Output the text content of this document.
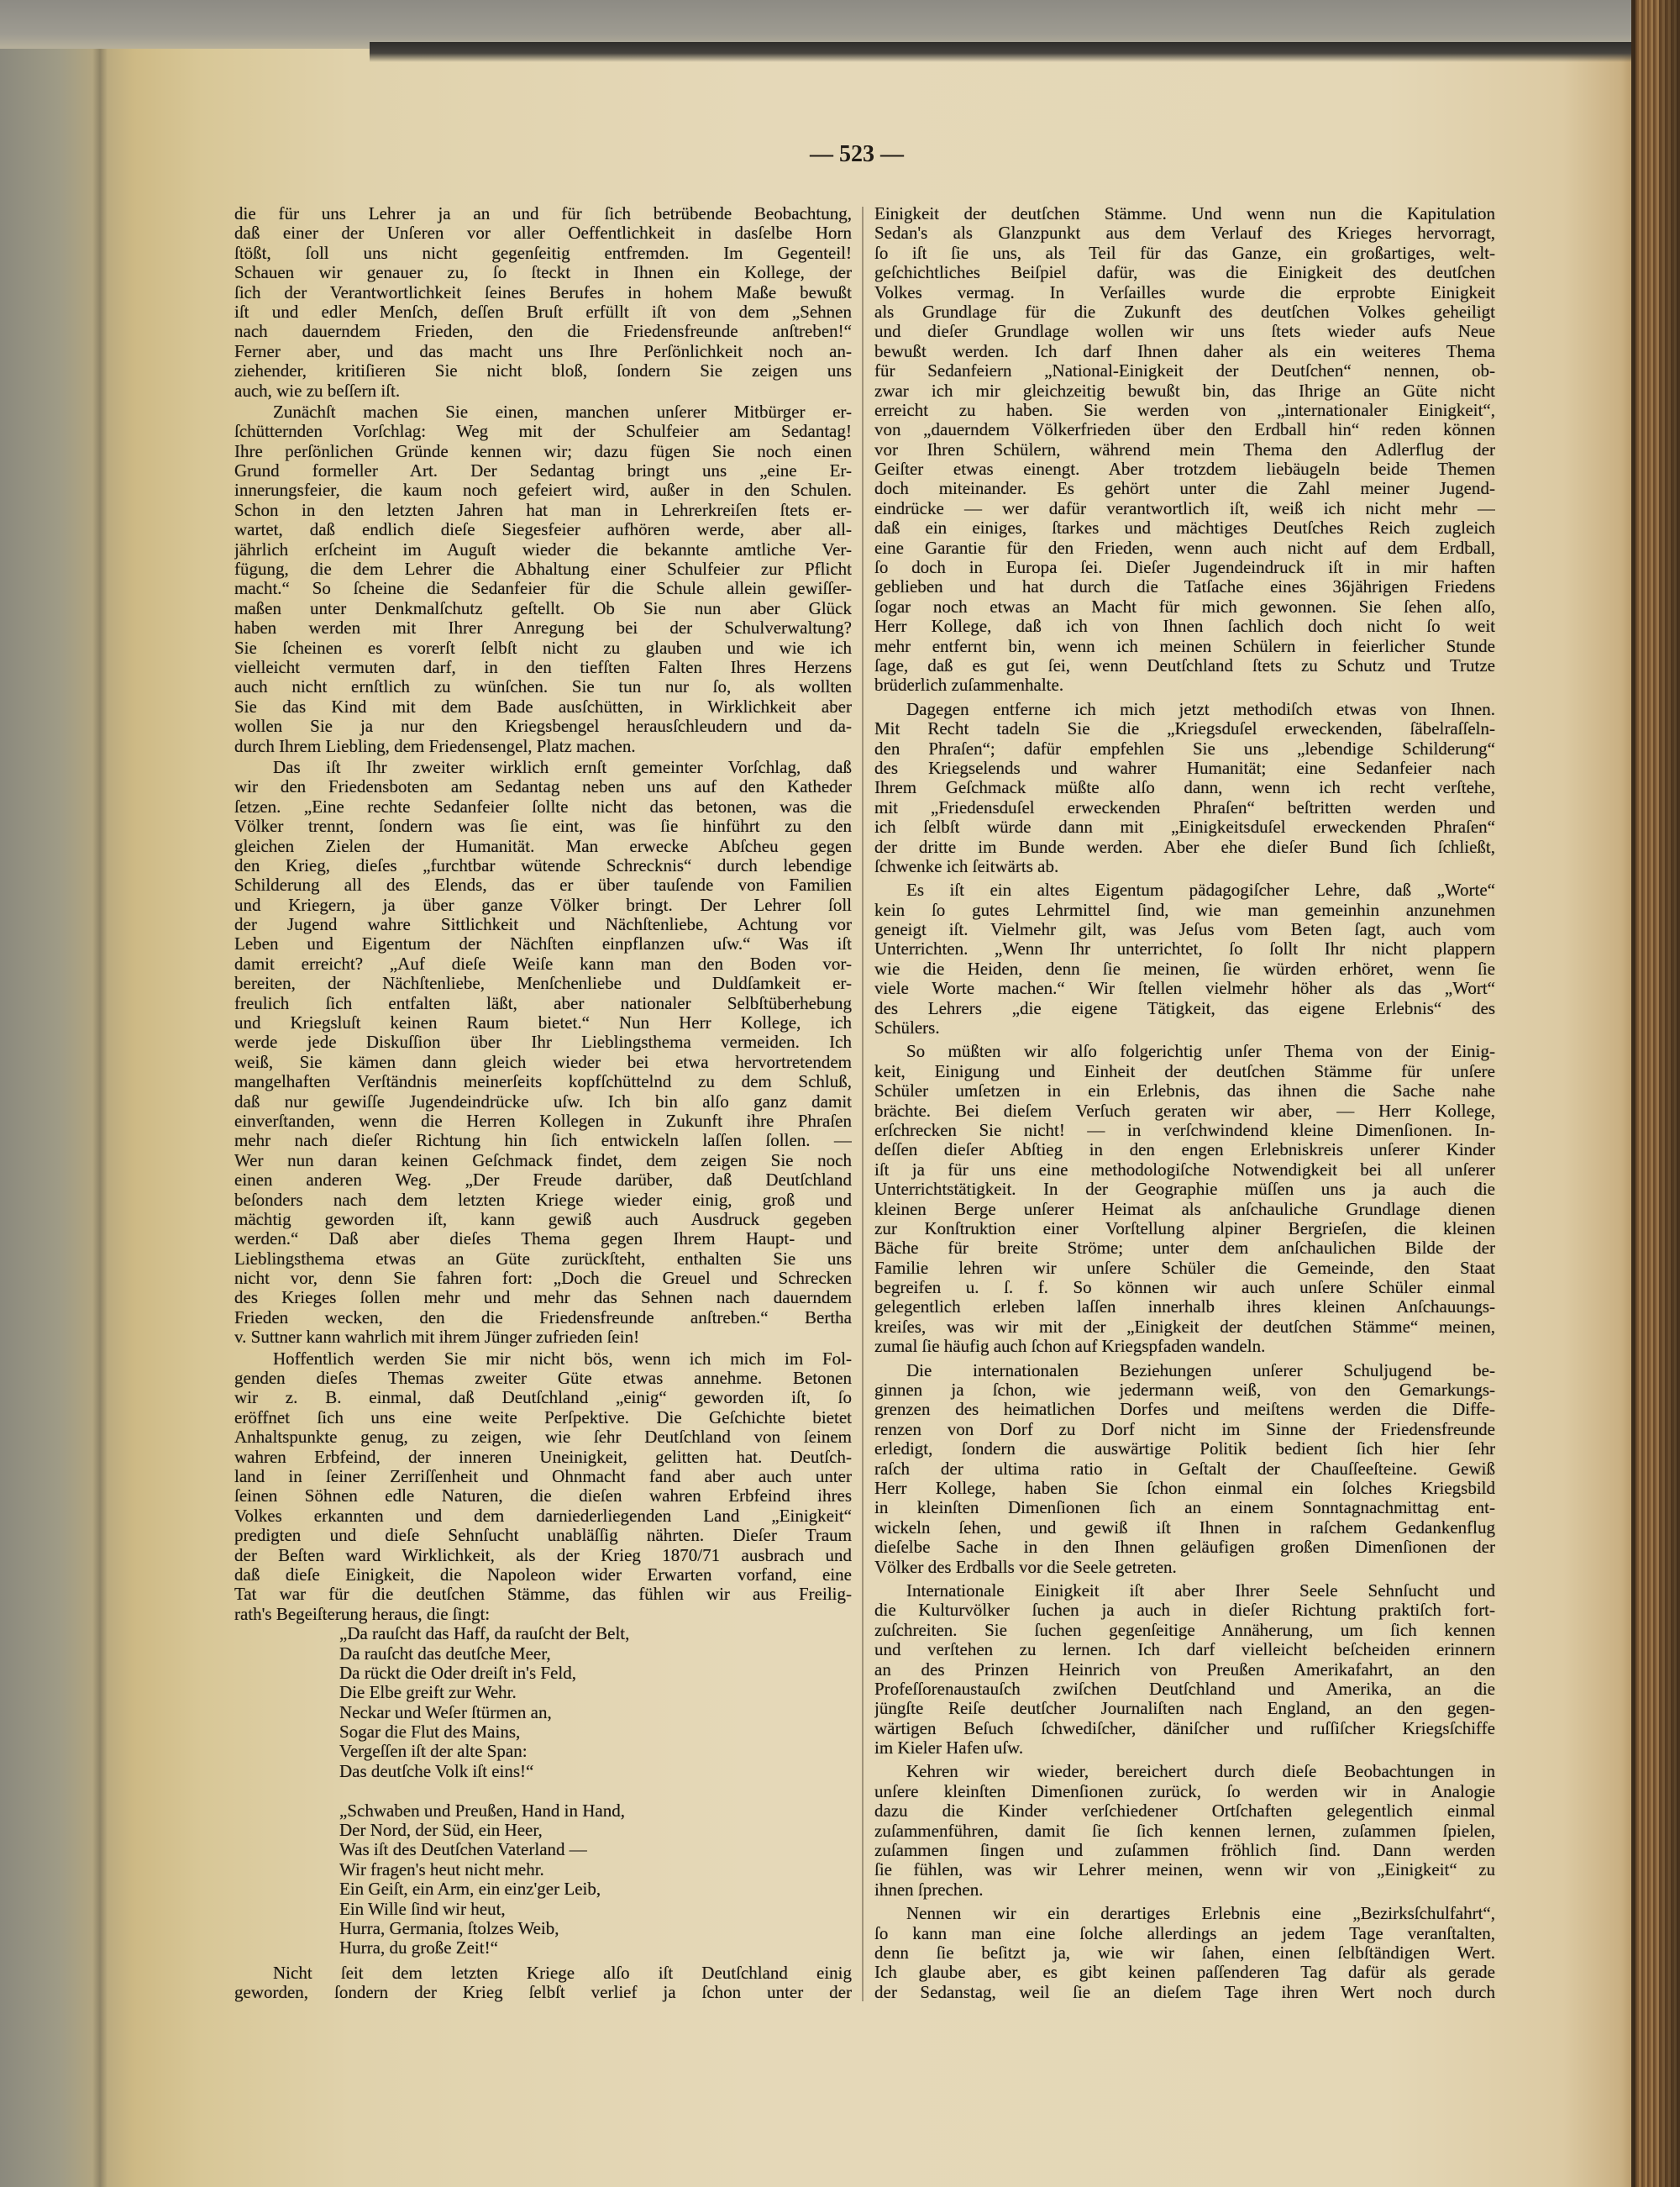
— 523 —
die für uns Lehrer ja an und für ſich betrübende Beobachtung,
daß einer der Unſeren vor aller Oeffentlichkeit in dasſelbe Horn
ſtößt, ſoll uns nicht gegenſeitig entfremden. Im Gegenteil!
Schauen wir genauer zu, ſo ſteckt in Ihnen ein Kollege, der
ſich der Verantwortlichkeit ſeines Berufes in hohem Maße bewußt
iſt und edler Menſch, deſſen Bruſt erfüllt iſt von dem „Sehnen
nach dauerndem Frieden, den die Friedensfreunde anſtreben!“
Ferner aber, und das macht uns Ihre Perſönlichkeit noch an-
ziehender, kritiſieren Sie nicht bloß, ſondern Sie zeigen uns
auch, wie zu beſſern iſt.
Zunächſt machen Sie einen, manchen unſerer Mitbürger er-
ſchütternden Vorſchlag: Weg mit der Schulfeier am Sedantag!
Ihre perſönlichen Gründe kennen wir; dazu fügen Sie noch einen
Grund formeller Art. Der Sedantag bringt uns „eine Er-
innerungsfeier, die kaum noch gefeiert wird, außer in den Schulen.
Schon in den letzten Jahren hat man in Lehrerkreiſen ſtets er-
wartet, daß endlich dieſe Siegesfeier aufhören werde, aber all-
jährlich erſcheint im Auguſt wieder die bekannte amtliche Ver-
fügung, die dem Lehrer die Abhaltung einer Schulfeier zur Pflicht
macht.“ So ſcheine die Sedanfeier für die Schule allein gewiſſer-
maßen unter Denkmalſchutz geſtellt. Ob Sie nun aber Glück
haben werden mit Ihrer Anregung bei der Schulverwaltung?
Sie ſcheinen es vorerſt ſelbſt nicht zu glauben und wie ich
vielleicht vermuten darf, in den tiefſten Falten Ihres Herzens
auch nicht ernſtlich zu wünſchen. Sie tun nur ſo, als wollten
Sie das Kind mit dem Bade ausſchütten, in Wirklichkeit aber
wollen Sie ja nur den Kriegsbengel herausſchleudern und da-
durch Ihrem Liebling, dem Friedensengel, Platz machen.
Das iſt Ihr zweiter wirklich ernſt gemeinter Vorſchlag, daß
wir den Friedensboten am Sedantag neben uns auf den Katheder
ſetzen. „Eine rechte Sedanfeier ſollte nicht das betonen, was die
Völker trennt, ſondern was ſie eint, was ſie hinführt zu den
gleichen Zielen der Humanität. Man erwecke Abſcheu gegen
den Krieg, dieſes „furchtbar wütende Schrecknis“ durch lebendige
Schilderung all des Elends, das er über tauſende von Familien
und Kriegern, ja über ganze Völker bringt. Der Lehrer ſoll
der Jugend wahre Sittlichkeit und Nächſtenliebe, Achtung vor
Leben und Eigentum der Nächſten einpflanzen uſw.“ Was iſt
damit erreicht? „Auf dieſe Weiſe kann man den Boden vor-
bereiten, der Nächſtenliebe, Menſchenliebe und Duldſamkeit er-
freulich ſich entfalten läßt, aber nationaler Selbſtüberhebung
und Kriegsluſt keinen Raum bietet.“ Nun Herr Kollege, ich
werde jede Diskuſſion über Ihr Lieblingsthema vermeiden. Ich
weiß, Sie kämen dann gleich wieder bei etwa hervortretendem
mangelhaften Verſtändnis meinerſeits kopfſchüttelnd zu dem Schluß,
daß nur gewiſſe Jugendeindrücke uſw. Ich bin alſo ganz damit
einverſtanden, wenn die Herren Kollegen in Zukunft ihre Phraſen
mehr nach dieſer Richtung hin ſich entwickeln laſſen ſollen. —
Wer nun daran keinen Geſchmack findet, dem zeigen Sie noch
einen anderen Weg. „Der Freude darüber, daß Deutſchland
beſonders nach dem letzten Kriege wieder einig, groß und
mächtig geworden iſt, kann gewiß auch Ausdruck gegeben
werden.“ Daß aber dieſes Thema gegen Ihrem Haupt- und
Lieblingsthema etwas an Güte zurückſteht, enthalten Sie uns
nicht vor, denn Sie fahren fort: „Doch die Greuel und Schrecken
des Krieges ſollen mehr und mehr das Sehnen nach dauerndem
Frieden wecken, den die Friedensfreunde anſtreben.“ Bertha
v. Suttner kann wahrlich mit ihrem Jünger zufrieden ſein!
Hoffentlich werden Sie mir nicht bös, wenn ich mich im Fol-
genden dieſes Themas zweiter Güte etwas annehme. Betonen
wir z. B. einmal, daß Deutſchland „einig“ geworden iſt, ſo
eröffnet ſich uns eine weite Perſpektive. Die Geſchichte bietet
Anhaltspunkte genug, zu zeigen, wie ſehr Deutſchland von ſeinem
wahren Erbfeind, der inneren Uneinigkeit, gelitten hat. Deutſch-
land in ſeiner Zerriſſenheit und Ohnmacht fand aber auch unter
ſeinen Söhnen edle Naturen, die dieſen wahren Erbfeind ihres
Volkes erkannten und dem darniederliegenden Land „Einigkeit“
predigten und dieſe Sehnſucht unabläſſig nährten. Dieſer Traum
der Beſten ward Wirklichkeit, als der Krieg 1870/71 ausbrach und
daß dieſe Einigkeit, die Napoleon wider Erwarten vorfand, eine
Tat war für die deutſchen Stämme, das fühlen wir aus Freilig-
rath's Begeiſterung heraus, die ſingt:
„Da rauſcht das Haff, da rauſcht der Belt,
Da rauſcht das deutſche Meer,
Da rückt die Oder dreiſt in's Feld,
Die Elbe greift zur Wehr.
Neckar und Weſer ſtürmen an,
Sogar die Flut des Mains,
Vergeſſen iſt der alte Span:
Das deutſche Volk iſt eins!“
„Schwaben und Preußen, Hand in Hand,
Der Nord, der Süd, ein Heer,
Was iſt des Deutſchen Vaterland —
Wir fragen's heut nicht mehr.
Ein Geiſt, ein Arm, ein einz'ger Leib,
Ein Wille ſind wir heut,
Hurra, Germania, ſtolzes Weib,
Hurra, du große Zeit!“
Nicht ſeit dem letzten Kriege alſo iſt Deutſchland einig
geworden, ſondern der Krieg ſelbſt verlief ja ſchon unter der
Einigkeit der deutſchen Stämme. Und wenn nun die Kapitulation
Sedan's als Glanzpunkt aus dem Verlauf des Krieges hervorragt,
ſo iſt ſie uns, als Teil für das Ganze, ein großartiges, welt-
geſchichtliches Beiſpiel dafür, was die Einigkeit des deutſchen
Volkes vermag. In Verſailles wurde die erprobte Einigkeit
als Grundlage für die Zukunft des deutſchen Volkes geheiligt
und dieſer Grundlage wollen wir uns ſtets wieder aufs Neue
bewußt werden. Ich darf Ihnen daher als ein weiteres Thema
für Sedanfeiern „National-Einigkeit der Deutſchen“ nennen, ob-
zwar ich mir gleichzeitig bewußt bin, das Ihrige an Güte nicht
erreicht zu haben. Sie werden von „internationaler Einigkeit“,
von „dauerndem Völkerfrieden über den Erdball hin“ reden können
vor Ihren Schülern, während mein Thema den Adlerflug der
Geiſter etwas einengt. Aber trotzdem liebäugeln beide Themen
doch miteinander. Es gehört unter die Zahl meiner Jugend-
eindrücke — wer dafür verantwortlich iſt, weiß ich nicht mehr —
daß ein einiges, ſtarkes und mächtiges Deutſches Reich zugleich
eine Garantie für den Frieden, wenn auch nicht auf dem Erdball,
ſo doch in Europa ſei. Dieſer Jugendeindruck iſt in mir haften
geblieben und hat durch die Tatſache eines 36jährigen Friedens
ſogar noch etwas an Macht für mich gewonnen. Sie ſehen alſo,
Herr Kollege, daß ich von Ihnen ſachlich doch nicht ſo weit
mehr entfernt bin, wenn ich meinen Schülern in feierlicher Stunde
ſage, daß es gut ſei, wenn Deutſchland ſtets zu Schutz und Trutze
brüderlich zuſammenhalte.
Dagegen entferne ich mich jetzt methodiſch etwas von Ihnen.
Mit Recht tadeln Sie die „Kriegsduſel erweckenden, ſäbelraſſeln-
den Phraſen“; dafür empfehlen Sie uns „lebendige Schilderung“
des Kriegselends und wahrer Humanität; eine Sedanfeier nach
Ihrem Geſchmack müßte alſo dann, wenn ich recht verſtehe,
mit „Friedensduſel erweckenden Phraſen“ beſtritten werden und
ich ſelbſt würde dann mit „Einigkeitsduſel erweckenden Phraſen“
der dritte im Bunde werden. Aber ehe dieſer Bund ſich ſchließt,
ſchwenke ich ſeitwärts ab.
Es iſt ein altes Eigentum pädagogiſcher Lehre, daß „Worte“
kein ſo gutes Lehrmittel ſind, wie man gemeinhin anzunehmen
geneigt iſt. Vielmehr gilt, was Jeſus vom Beten ſagt, auch vom
Unterrichten. „Wenn Ihr unterrichtet, ſo ſollt Ihr nicht plappern
wie die Heiden, denn ſie meinen, ſie würden erhöret, wenn ſie
viele Worte machen.“ Wir ſtellen vielmehr höher als das „Wort“
des Lehrers „die eigene Tätigkeit, das eigene Erlebnis“ des
Schülers.
So müßten wir alſo folgerichtig unſer Thema von der Einig-
keit, Einigung und Einheit der deutſchen Stämme für unſere
Schüler umſetzen in ein Erlebnis, das ihnen die Sache nahe
brächte. Bei dieſem Verſuch geraten wir aber, — Herr Kollege,
erſchrecken Sie nicht! — in verſchwindend kleine Dimenſionen. In-
deſſen dieſer Abſtieg in den engen Erlebniskreis unſerer Kinder
iſt ja für uns eine methodologiſche Notwendigkeit bei all unſerer
Unterrichtstätigkeit. In der Geographie müſſen uns ja auch die
kleinen Berge unſerer Heimat als anſchauliche Grundlage dienen
zur Konſtruktion einer Vorſtellung alpiner Bergrieſen, die kleinen
Bäche für breite Ströme; unter dem anſchaulichen Bilde der
Familie lehren wir unſere Schüler die Gemeinde, den Staat
begreifen u. ſ. f. So können wir auch unſere Schüler einmal
gelegentlich erleben laſſen innerhalb ihres kleinen Anſchauungs-
kreiſes, was wir mit der „Einigkeit der deutſchen Stämme“ meinen,
zumal ſie häufig auch ſchon auf Kriegspfaden wandeln.
Die internationalen Beziehungen unſerer Schuljugend be-
ginnen ja ſchon, wie jedermann weiß, von den Gemarkungs-
grenzen des heimatlichen Dorfes und meiſtens werden die Diffe-
renzen von Dorf zu Dorf nicht im Sinne der Friedensfreunde
erledigt, ſondern die auswärtige Politik bedient ſich hier ſehr
raſch der ultima ratio in Geſtalt der Chauſſeeſteine. Gewiß
Herr Kollege, haben Sie ſchon einmal ein ſolches Kriegsbild
in kleinſten Dimenſionen ſich an einem Sonntagnachmittag ent-
wickeln ſehen, und gewiß iſt Ihnen in raſchem Gedankenflug
dieſelbe Sache in den Ihnen geläufigen großen Dimenſionen der
Völker des Erdballs vor die Seele getreten.
Internationale Einigkeit iſt aber Ihrer Seele Sehnſucht und
die Kulturvölker ſuchen ja auch in dieſer Richtung praktiſch fort-
zuſchreiten. Sie ſuchen gegenſeitige Annäherung, um ſich kennen
und verſtehen zu lernen. Ich darf vielleicht beſcheiden erinnern
an des Prinzen Heinrich von Preußen Amerikafahrt, an den
Profeſſorenaustauſch zwiſchen Deutſchland und Amerika, an die
jüngſte Reiſe deutſcher Journaliſten nach England, an den gegen-
wärtigen Beſuch ſchwediſcher, däniſcher und ruſſiſcher Kriegsſchiffe
im Kieler Hafen uſw.
Kehren wir wieder, bereichert durch dieſe Beobachtungen in
unſere kleinſten Dimenſionen zurück, ſo werden wir in Analogie
dazu die Kinder verſchiedener Ortſchaften gelegentlich einmal
zuſammenführen, damit ſie ſich kennen lernen, zuſammen ſpielen,
zuſammen ſingen und zuſammen fröhlich ſind. Dann werden
ſie fühlen, was wir Lehrer meinen, wenn wir von „Einigkeit“ zu
ihnen ſprechen.
Nennen wir ein derartiges Erlebnis eine „Bezirksſchulfahrt“,
ſo kann man eine ſolche allerdings an jedem Tage veranſtalten,
denn ſie beſitzt ja, wie wir ſahen, einen ſelbſtändigen Wert.
Ich glaube aber, es gibt keinen paſſenderen Tag dafür als gerade
der Sedanstag, weil ſie an dieſem Tage ihren Wert noch durch
